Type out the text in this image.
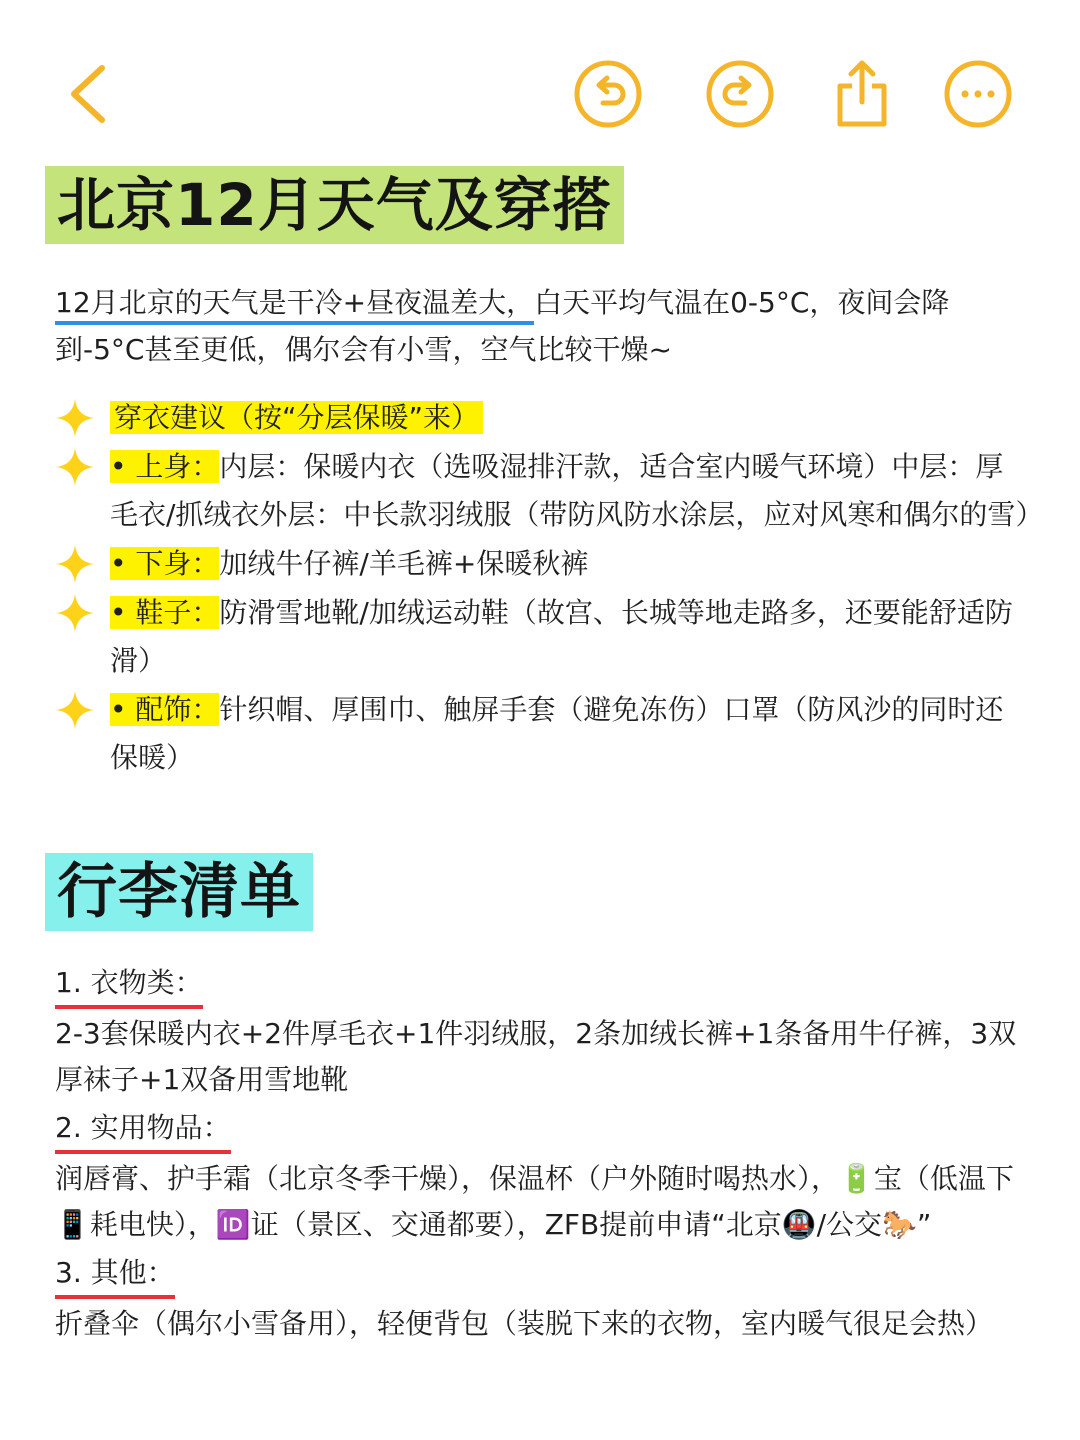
北京12月天气及穿搭
12月北京的天气是干冷+昼夜温差大，白天平均气温在0-5°C，夜间会降到-5°C甚至更低，偶尔会有小雪，空气比较干燥~
穿衣建议（按“分层保暖”来）
• 上身：内层：保暖内衣（选吸湿排汗款，适合室内暖气环境）中层：厚毛衣/抓绒衣外层：中长款羽绒服（带防风防水涂层，应对风寒和偶尔的雪）
• 下身：加绒牛仔裤/羊毛裤+保暖秋裤
• 鞋子：防滑雪地靴/加绒运动鞋（故宫、长城等地走路多，还要能舒适防滑）
• 配饰：针织帽、厚围巾、触屏手套（避免冻伤）口罩（防风沙的同时还保暖）
行李清单
1. 衣物类：
2-3套保暖内衣+2件厚毛衣+1件羽绒服，2条加绒长裤+1条备用牛仔裤，3双厚袜子+1双备用雪地靴
2. 实用物品：
润唇膏、护手霜（北京冬季干燥），保温杯（户外随时喝热水），🔋宝（低温下📱耗电快），🆔证（景区、交通都要），ZFB提前申请“北京🚇/公交🐎”
3. 其他：
折叠伞（偶尔小雪备用），轻便背包（装脱下来的衣物，室内暖气很足会热）
